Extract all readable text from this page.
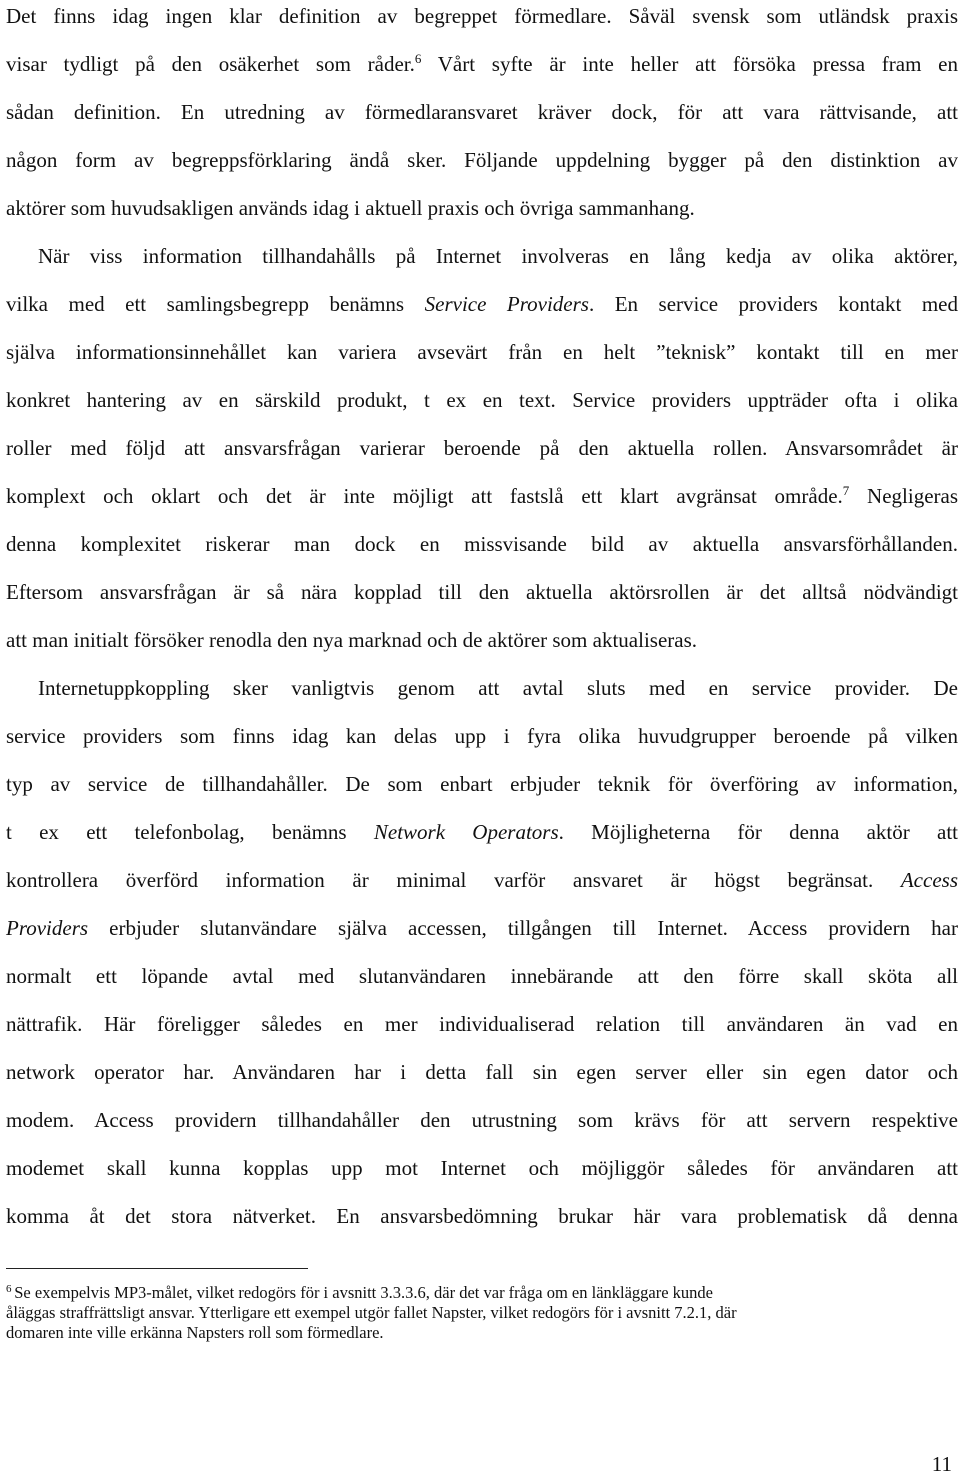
Det finns idag ingen klar definition av begreppet förmedlare. Såväl svensk som utländsk praxis
visar tydligt på den osäkerhet som råder.$^6$ Vårt syfte är inte heller att försöka pressa fram en
sådan definition. En utredning av förmedlaransvaret kräver dock, för att vara rättvisande, att
någon form av begreppsförklaring ändå sker. Följande uppdelning bygger på den distinktion av
aktörer som huvudsakligen används idag i aktuell praxis och övriga sammanhang.
När viss information tillhandahålls på Internet involveras en lång kedja av olika aktörer,
vilka med ett samlingsbegrepp benämns Service Providers. En service providers kontakt med
själva informationsinnehållet kan variera avsevärt från en helt ”teknisk” kontakt till en mer
konkret hantering av en särskild produkt, t ex en text. Service providers uppträder ofta i olika
roller med följd att ansvarsfrågan varierar beroende på den aktuella rollen. Ansvarsområdet är
komplext och oklart och det är inte möjligt att fastslå ett klart avgränsat område.$^7$ Negligeras
denna komplexitet riskerar man dock en missvisande bild av aktuella ansvarsförhållanden.
Eftersom ansvarsfrågan är så nära kopplad till den aktuella aktörsrollen är det alltså nödvändigt
att man initialt försöker renodla den nya marknad och de aktörer som aktualiseras.
Internetuppkoppling sker vanligtvis genom att avtal sluts med en service provider. De
service providers som finns idag kan delas upp i fyra olika huvudgrupper beroende på vilken
typ av service de tillhandahåller. De som enbart erbjuder teknik för överföring av information,
t ex ett telefonbolag, benämns Network Operators. Möjligheterna för denna aktör att
kontrollera överförd information är minimal varför ansvaret är högst begränsat. Access
Providers erbjuder slutanvändare själva accessen, tillgången till Internet. Access providern har
normalt ett löpande avtal med slutanvändaren innebärande att den förre skall sköta all
nättrafik. Här föreligger således en mer individualiserad relation till användaren än vad en
network operator har. Användaren har i detta fall sin egen server eller sin egen dator och
modem. Access providern tillhandahåller den utrustning som krävs för att servern respektive
modemet skall kunna kopplas upp mot Internet och möjliggör således för användaren att
komma åt det stora nätverket. En ansvarsbedömning brukar här vara problematisk då denna
$^6$ Se exempelvis MP3-målet, vilket redogörs för i avsnitt 3.3.3.6, där det var fråga om en länkläggare kunde
åläggas straffrättsligt ansvar. Ytterligare ett exempel utgör fallet Napster, vilket redogörs för i avsnitt 7.2.1, där
domaren inte ville erkänna Napsters roll som förmedlare.
11
